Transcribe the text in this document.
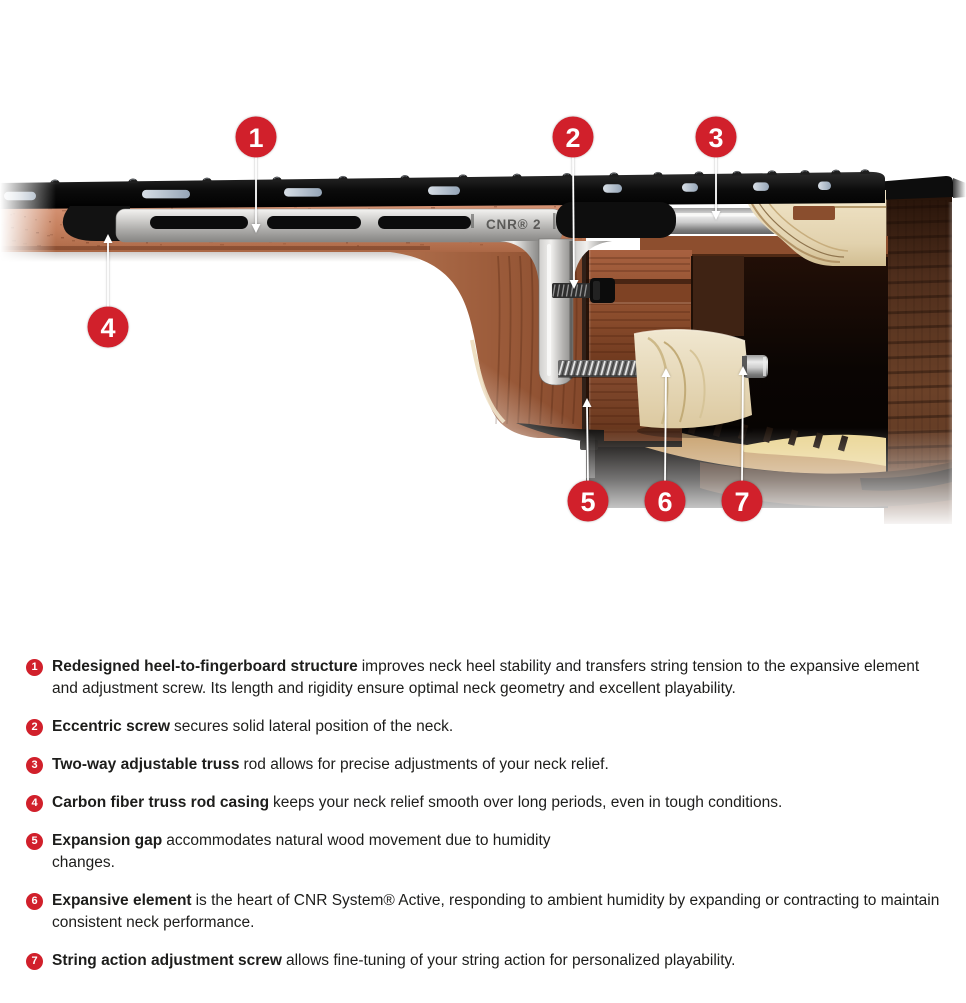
CNR® 2
1	2	3
4
5 6 7
1 Redesigned heel-to-fingerboard structure improves neck heel stability and transfers string tension to the expansive element and adjustment screw. Its length and rigidity ensure optimal neck geometry and excellent playability.
2 Eccentric screw secures solid lateral position of the neck.
3 Two-way adjustable truss rod allows for precise adjustments of your neck relief.
4 Carbon fiber truss rod casing keeps your neck relief smooth over long periods, even in tough conditions.
5 Expansion gap accommodates natural wood movement due to humidity
changes.
6 Expansive element is the heart of CNR System® Active, responding to ambient humidity by expanding or contracting to maintain consistent neck performance.
7 String action adjustment screw allows fine-tuning of your string action for personalized playability.
